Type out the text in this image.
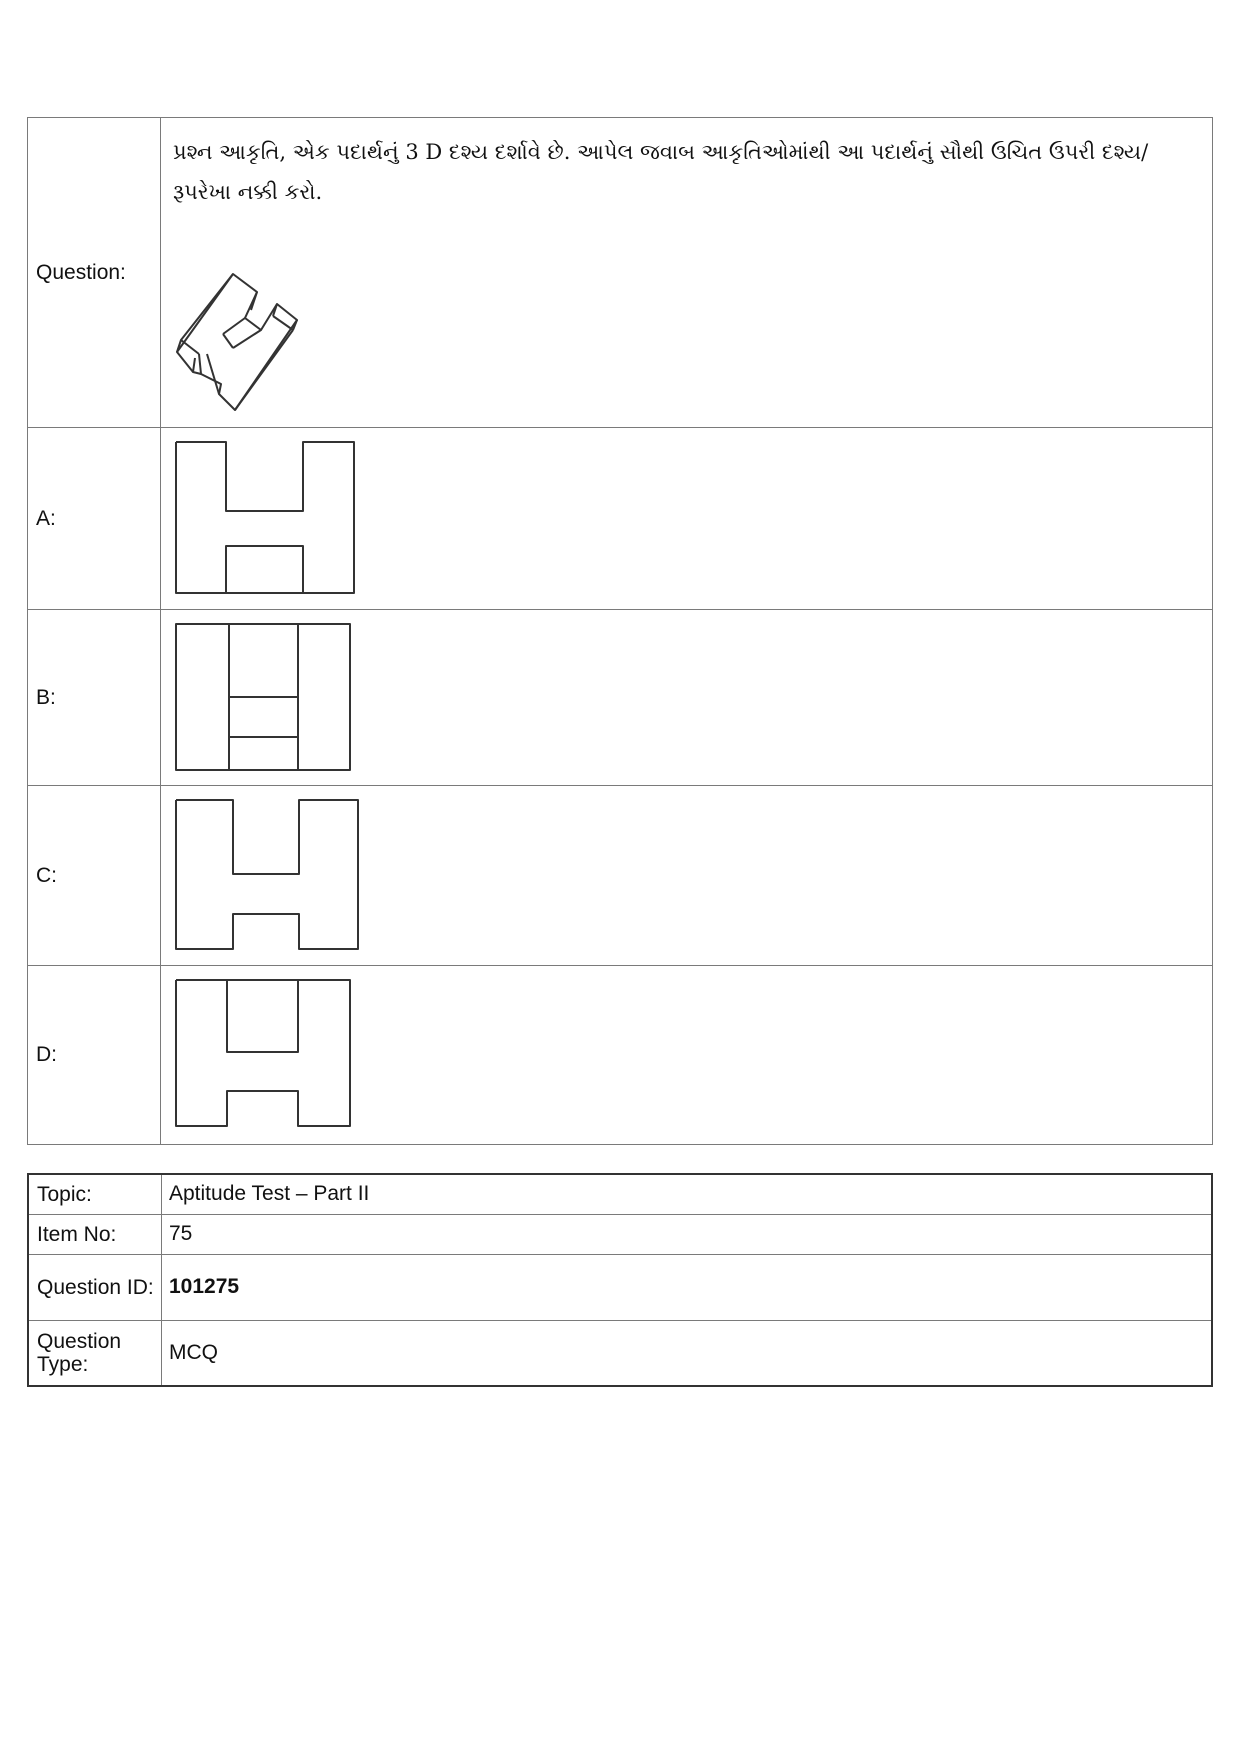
Question:	પ્રશ્ન આકૃતિ, એક પદાર્થનું 3 D દશ્ય દર્શાવે છે. આપેલ જવાબ આકૃતિઓમાંથી આ પદાર્થનું સૌથી ઉચિત ઉપરી દશ્ય/રૂપરેખા નક્કી કરો.

A:	

B:	

C:	

D:	
Topic:	Aptitude Test – Part II
Item No:	75
Question ID:	101275
Question Type:	MCQ
